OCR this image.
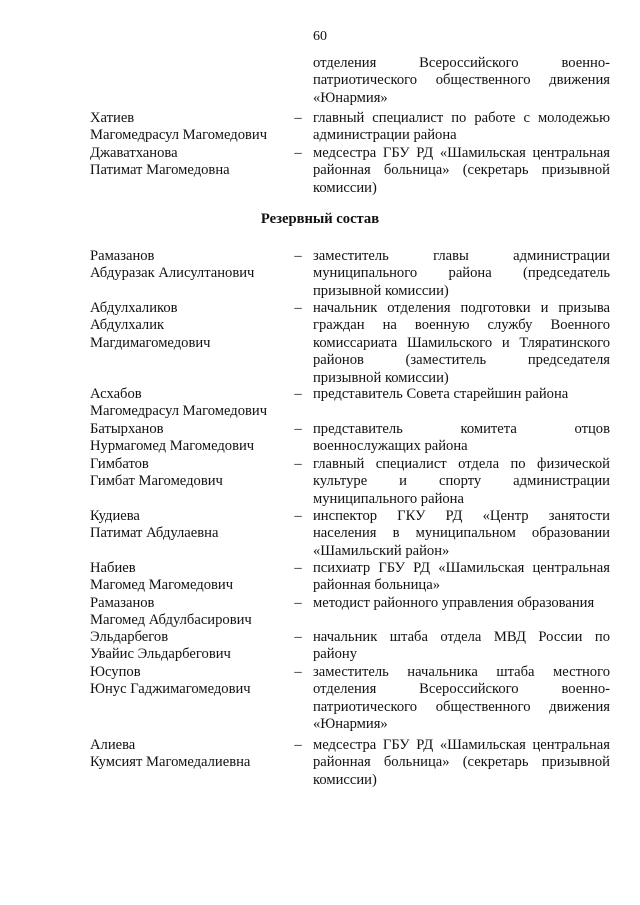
60
отделения Всероссийского военно-
патриотического общественного движения
«Юнармия»
Хатиев
Магомедрасул Магомедович
– главный специалист по работе с молодежью
администрации района
Джаватханова
Патимат Магомедовна
– медсестра ГБУ РД «Шамильская центральная
районная больница» (секретарь призывной
комиссии)
Резервный состав
Рамазанов
Абдуразак Алисултанович
– заместитель главы администрации
муниципального района (председатель
призывной комиссии)
Абдулхаликов
Абдулхалик
Магдимагомедович
– начальник отделения подготовки и призыва
граждан на военную службу Военного
комиссариата Шамильского и Тляратинского
районов (заместитель председателя
призывной комиссии)
Асхабов
Магомедрасул Магомедович
– представитель Совета старейшин района
Батырханов
Нурмагомед Магомедович
– представитель комитета отцов
военнослужащих района
Гимбатов
Гимбат Магомедович
– главный специалист отдела по физической
культуре и спорту администрации
муниципального района
Кудиева
Патимат Абдулаевна
– инспектор ГКУ РД «Центр занятости
населения в муниципальном образовании
«Шамильский район»
Набиев
Магомед Магомедович
– психиатр ГБУ РД «Шамильская центральная
районная больница»
Рамазанов
Магомед Абдулбасирович
– методист районного управления образования
Эльдарбегов
Увайис Эльдарбегович
– начальник штаба отдела МВД России по
району
Юсупов
Юнус Гаджимагомедович
– заместитель начальника штаба местного
отделения Всероссийского военно-
патриотического общественного движения
«Юнармия»
Алиева
Кумсият Магомедалиевна
– медсестра ГБУ РД «Шамильская центральная
районная больница» (секретарь призывной
комиссии)
